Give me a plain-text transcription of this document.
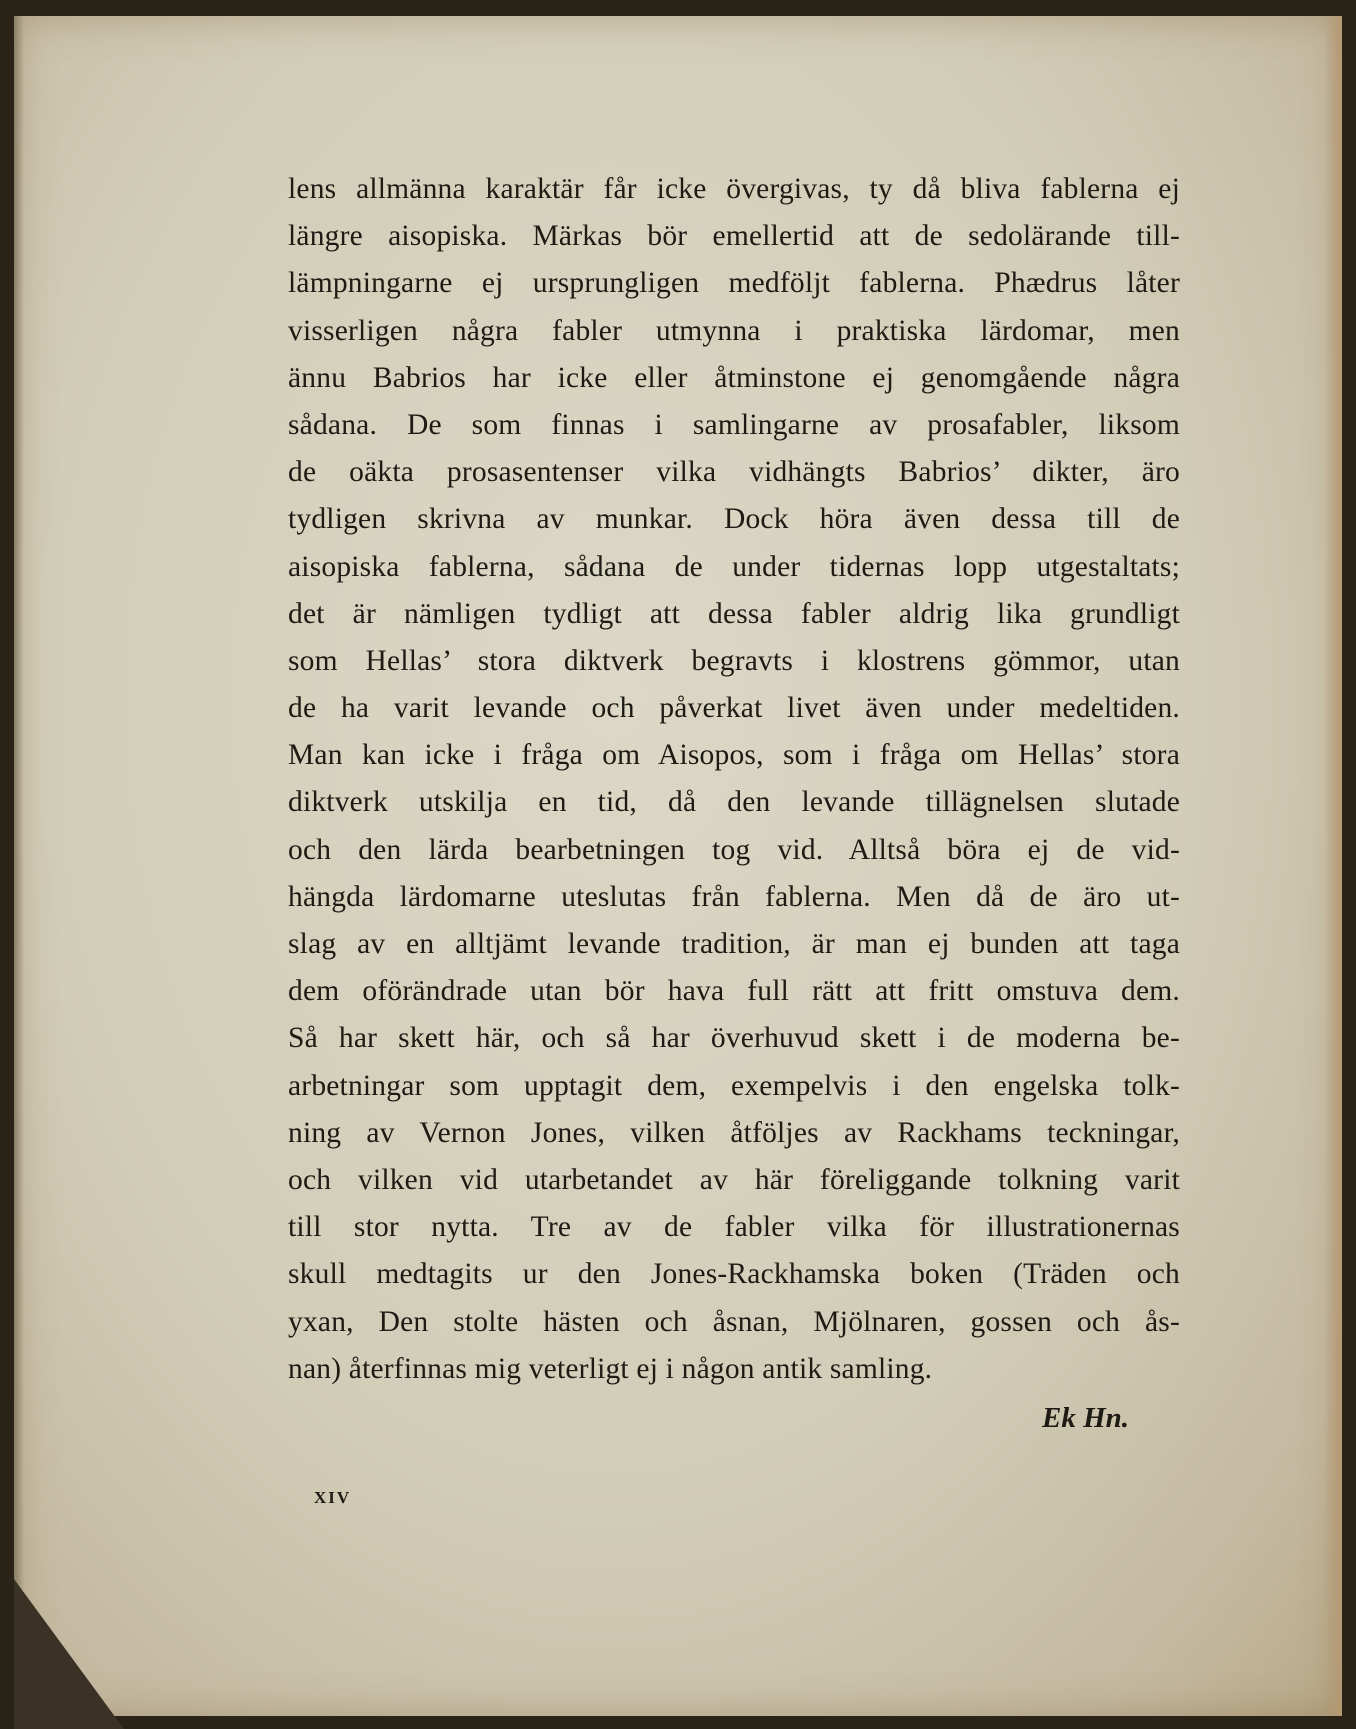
lens allmänna karaktär får icke övergivas, ty då bliva fablerna ej
längre aisopiska. Märkas bör emellertid att de sedolärande till-
lämpningarne ej ursprungligen medföljt fablerna. Phædrus låter
visserligen några fabler utmynna i praktiska lärdomar, men
ännu Babrios har icke eller åtminstone ej genomgående några
sådana. De som finnas i samlingarne av prosafabler, liksom
de oäkta prosasentenser vilka vidhängts Babrios’ dikter, äro
tydligen skrivna av munkar. Dock höra även dessa till de
aisopiska fablerna, sådana de under tidernas lopp utgestaltats;
det är nämligen tydligt att dessa fabler aldrig lika grundligt
som Hellas’ stora diktverk begravts i klostrens gömmor, utan
de ha varit levande och påverkat livet även under medeltiden.
Man kan icke i fråga om Aisopos, som i fråga om Hellas’ stora
diktverk utskilja en tid, då den levande tillägnelsen slutade
och den lärda bearbetningen tog vid. Alltså böra ej de vid-
hängda lärdomarne uteslutas från fablerna. Men då de äro ut-
slag av en alltjämt levande tradition, är man ej bunden att taga
dem oförändrade utan bör hava full rätt att fritt omstuva dem.
Så har skett här, och så har överhuvud skett i de moderna be-
arbetningar som upptagit dem, exempelvis i den engelska tolk-
ning av Vernon Jones, vilken åtföljes av Rackhams teckningar,
och vilken vid utarbetandet av här föreliggande tolkning varit
till stor nytta. Tre av de fabler vilka för illustrationernas
skull medtagits ur den Jones-Rackhamska boken (Träden och
yxan, Den stolte hästen och åsnan, Mjölnaren, gossen och ås-
nan) återfinnas mig veterligt ej i någon antik samling.
Ek Hn.
XIV
